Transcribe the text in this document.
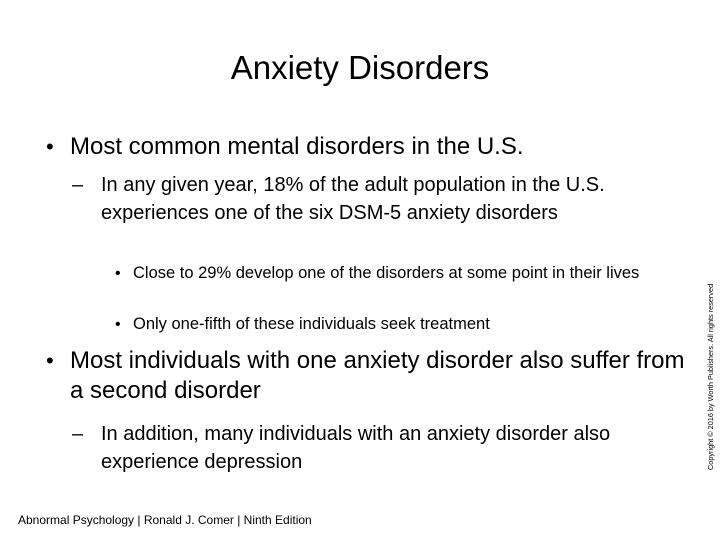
Anxiety Disorders
• Most common mental disorders in the U.S.
– In any given year, 18% of the adult population in the U.S. experiences one of the six DSM-5 anxiety disorders
• Close to 29% develop one of the disorders at some point in their lives
• Only one-fifth of these individuals seek treatment
• Most individuals with one anxiety disorder also suffer from a second disorder
– In addition, many individuals with an anxiety disorder also experience depression
Abnormal Psychology | Ronald J. Comer | Ninth Edition
Copyright © 2016 by Worth Publishers. All rights reserved
